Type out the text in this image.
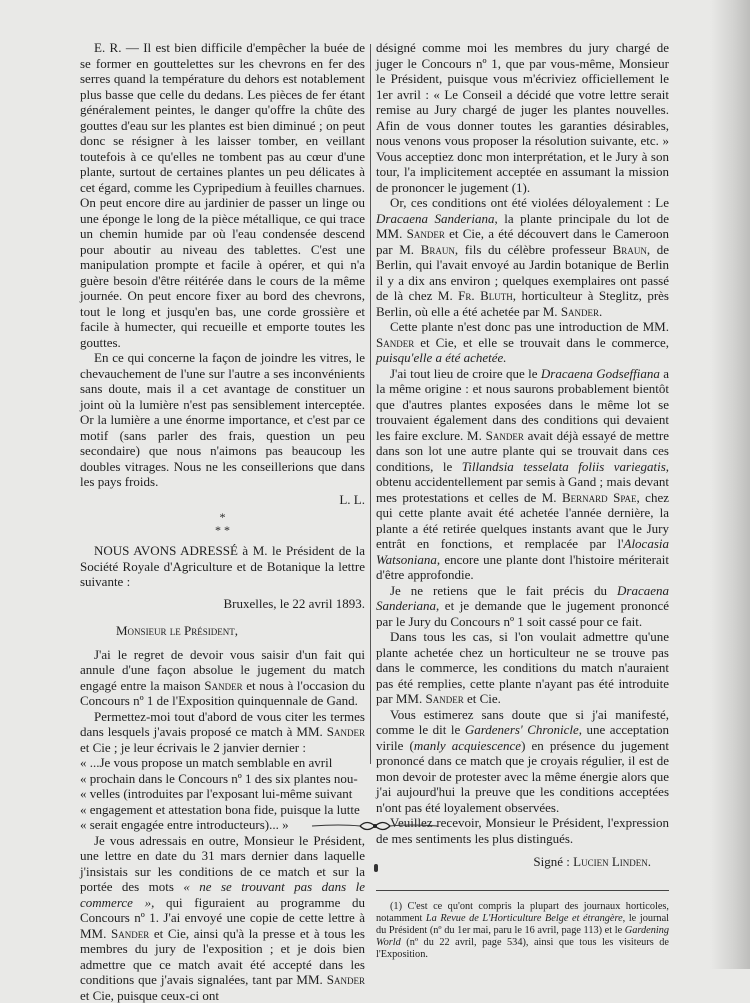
E. R. — Il est bien difficile d'empêcher la buée de se former en gouttelettes sur les chevrons en fer des serres quand la température du dehors est notablement plus basse que celle du dedans. Les pièces de fer étant généralement peintes, le danger qu'offre la chûte des gouttes d'eau sur les plantes est bien diminué ; on peut donc se résigner à les laisser tomber, en veillant toutefois à ce qu'elles ne tombent pas au cœur d'une plante, surtout de certaines plantes un peu délicates à cet égard, comme les Cypripedium à feuilles charnues. On peut encore dire au jardinier de passer un linge ou une éponge le long de la pièce métallique, ce qui trace un chemin humide par où l'eau condensée descend pour aboutir au niveau des tablettes. C'est une manipulation prompte et facile à opérer, et qui n'a guère besoin d'être réitérée dans le cours de la même journée. On peut encore fixer au bord des chevrons, tout le long et jusqu'en bas, une corde grossière et facile à humecter, qui recueille et emporte toutes les gouttes.

En ce qui concerne la façon de joindre les vitres, le chevauchement de l'une sur l'autre a ses inconvénients sans doute, mais il a cet avantage de constituer un joint où la lumière n'est pas sensiblement interceptée. Or la lumière a une énorme importance, et c'est par ce motif (sans parler des frais, question un peu secondaire) que nous n'aimons pas beaucoup les doubles vitrages. Nous ne les conseillerions que dans les pays froids.

L. L.
*
* *

NOUS AVONS ADRESSÉ à M. le Président de la Société Royale d'Agriculture et de Botanique la lettre suivante :

Bruxelles, le 22 avril 1893.
Monsieur le Président,

J'ai le regret de devoir vous saisir d'un fait qui annule d'une façon absolue le jugement du match engagé entre la maison Sander et nous à l'occasion du Concours nº 1 de l'Exposition quinquennale de Gand.

Permettez-moi tout d'abord de vous citer les termes dans lesquels j'avais proposé ce match à MM. Sander et Cie ; je leur écrivais le 2 janvier dernier :

« ...Je vous propose un match semblable en avril

« prochain dans le Concours nº 1 des six plantes nou-

« velles (introduites par l'exposant lui-même suivant

« engagement et attestation bona fide, puisque la lutte

« serait engagée entre introducteurs)... »

Je vous adressais en outre, Monsieur le Président, une lettre en date du 31 mars dernier dans laquelle j'insistais sur les conditions de ce match et sur la portée des mots « ne se trouvant pas dans le commerce », qui figuraient au programme du Concours nº 1. J'ai envoyé une copie de cette lettre à MM. Sander et Cie, ainsi qu'à la presse et à tous les membres du jury de l'exposition ; et je dois bien admettre que ce match avait été accepté dans les conditions que j'avais signalées, tant par MM. Sander et Cie, puisque ceux-ci ont

désigné comme moi les membres du jury chargé de juger le Concours nº 1, que par vous-même, Monsieur le Président, puisque vous m'écriviez officiellement le 1er avril : « Le Conseil a décidé que votre lettre serait remise au Jury chargé de juger les plantes nouvelles. Afin de vous donner toutes les garanties désirables, nous venons vous proposer la résolution suivante, etc. » Vous acceptiez donc mon interprétation, et le Jury à son tour, l'a implicitement acceptée en assumant la mission de prononcer le jugement (1).

Or, ces conditions ont été violées déloyalement : Le Dracaena Sanderiana, la plante principale du lot de MM. Sander et Cie, a été découvert dans le Cameroon par M. Braun, fils du célèbre professeur Braun, de Berlin, qui l'avait envoyé au Jardin botanique de Berlin il y a dix ans environ ; quelques exemplaires ont passé de là chez M. Fr. Bluth, horticulteur à Steglitz, près Berlin, où elle a été achetée par M. Sander.

Cette plante n'est donc pas une introduction de MM. Sander et Cie, et elle se trouvait dans le commerce, puisqu'elle a été achetée.

J'ai tout lieu de croire que le Dracaena Godseffiana a la même origine : et nous saurons probablement bientôt que d'autres plantes exposées dans le même lot se trouvaient également dans des conditions qui devaient les faire exclure. M. Sander avait déjà essayé de mettre dans son lot une autre plante qui se trouvait dans ces conditions, le Tillandsia tesselata foliis variegatis, obtenu accidentellement par semis à Gand ; mais devant mes protestations et celles de M. Bernard Spae, chez qui cette plante avait été achetée l'année dernière, la plante a été retirée quelques instants avant que le Jury entrât en fonctions, et remplacée par l'Alocasia Watsoniana, encore une plante dont l'histoire mériterait d'être approfondie.

Je ne retiens que le fait précis du Dracaena Sanderiana, et je demande que le jugement prononcé par le Jury du Concours nº 1 soit cassé pour ce fait.

Dans tous les cas, si l'on voulait admettre qu'une plante achetée chez un horticulteur ne se trouve pas dans le commerce, les conditions du match n'auraient pas été remplies, cette plante n'ayant pas été introduite par MM. Sander et Cie.

Vous estimerez sans doute que si j'ai manifesté, comme le dit le Gardeners' Chronicle, une acceptation virile (manly acquiescence) en présence du jugement prononcé dans ce match que je croyais régulier, il est de mon devoir de protester avec la même énergie alors que j'ai aujourd'hui la preuve que les conditions acceptées n'ont pas été loyalement observées.

Veuillez recevoir, Monsieur le Président, l'expression de mes sentiments les plus distingués.

Signé : Lucien Linden.

(1) C'est ce qu'ont compris la plupart des journaux horticoles, notamment La Revue de L'Horticulture Belge et étrangère, le journal du Président (nº du 1er mai, paru le 16 avril, page 113) et le Gardening World (nº du 22 avril, page 534), ainsi que tous les visiteurs de l'Exposition.
